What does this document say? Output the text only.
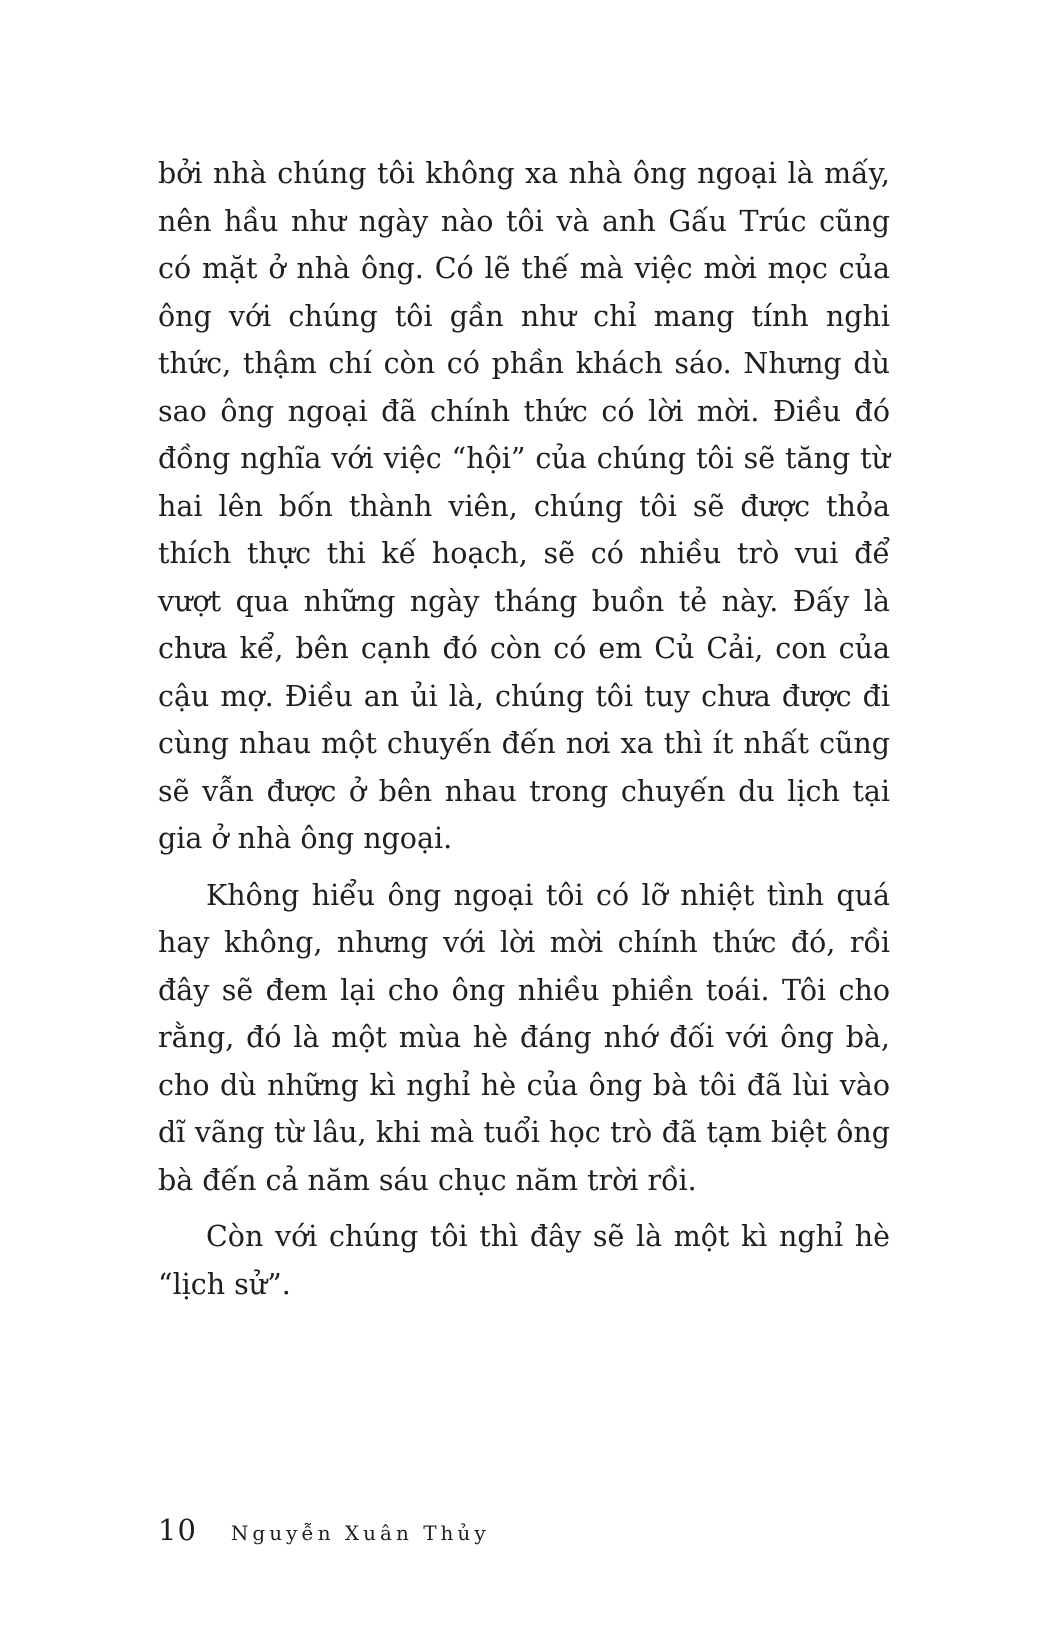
bởi nhà chúng tôi không xa nhà ông ngoại là mấy, nên hầu như ngày nào tôi và anh Gấu Trúc cũng có mặt ở nhà ông. Có lẽ thế mà việc mời mọc của ông với chúng tôi gần như chỉ mang tính nghi thức, thậm chí còn có phần khách sáo. Nhưng dù sao ông ngoại đã chính thức có lời mời. Điều đó đồng nghĩa với việc “hội” của chúng tôi sẽ tăng từ hai lên bốn thành viên, chúng tôi sẽ được thỏa thích thực thi kế hoạch, sẽ có nhiều trò vui để vượt qua những ngày tháng buồn tẻ này. Đấy là chưa kể, bên cạnh đó còn có em Củ Cải, con của cậu mợ. Điều an ủi là, chúng tôi tuy chưa được đi cùng nhau một chuyến đến nơi xa thì ít nhất cũng sẽ vẫn được ở bên nhau trong chuyến du lịch tại gia ở nhà ông ngoại.

Không hiểu ông ngoại tôi có lỡ nhiệt tình quá hay không, nhưng với lời mời chính thức đó, rồi đây sẽ đem lại cho ông nhiều phiền toái. Tôi cho rằng, đó là một mùa hè đáng nhớ đối với ông bà, cho dù những kì nghỉ hè của ông bà tôi đã lùi vào dĩ vãng từ lâu, khi mà tuổi học trò đã tạm biệt ông bà đến cả năm sáu chục năm trời rồi.

Còn với chúng tôi thì đây sẽ là một kì nghỉ hè “lịch sử”.

10 Nguyễn Xuân Thủy
